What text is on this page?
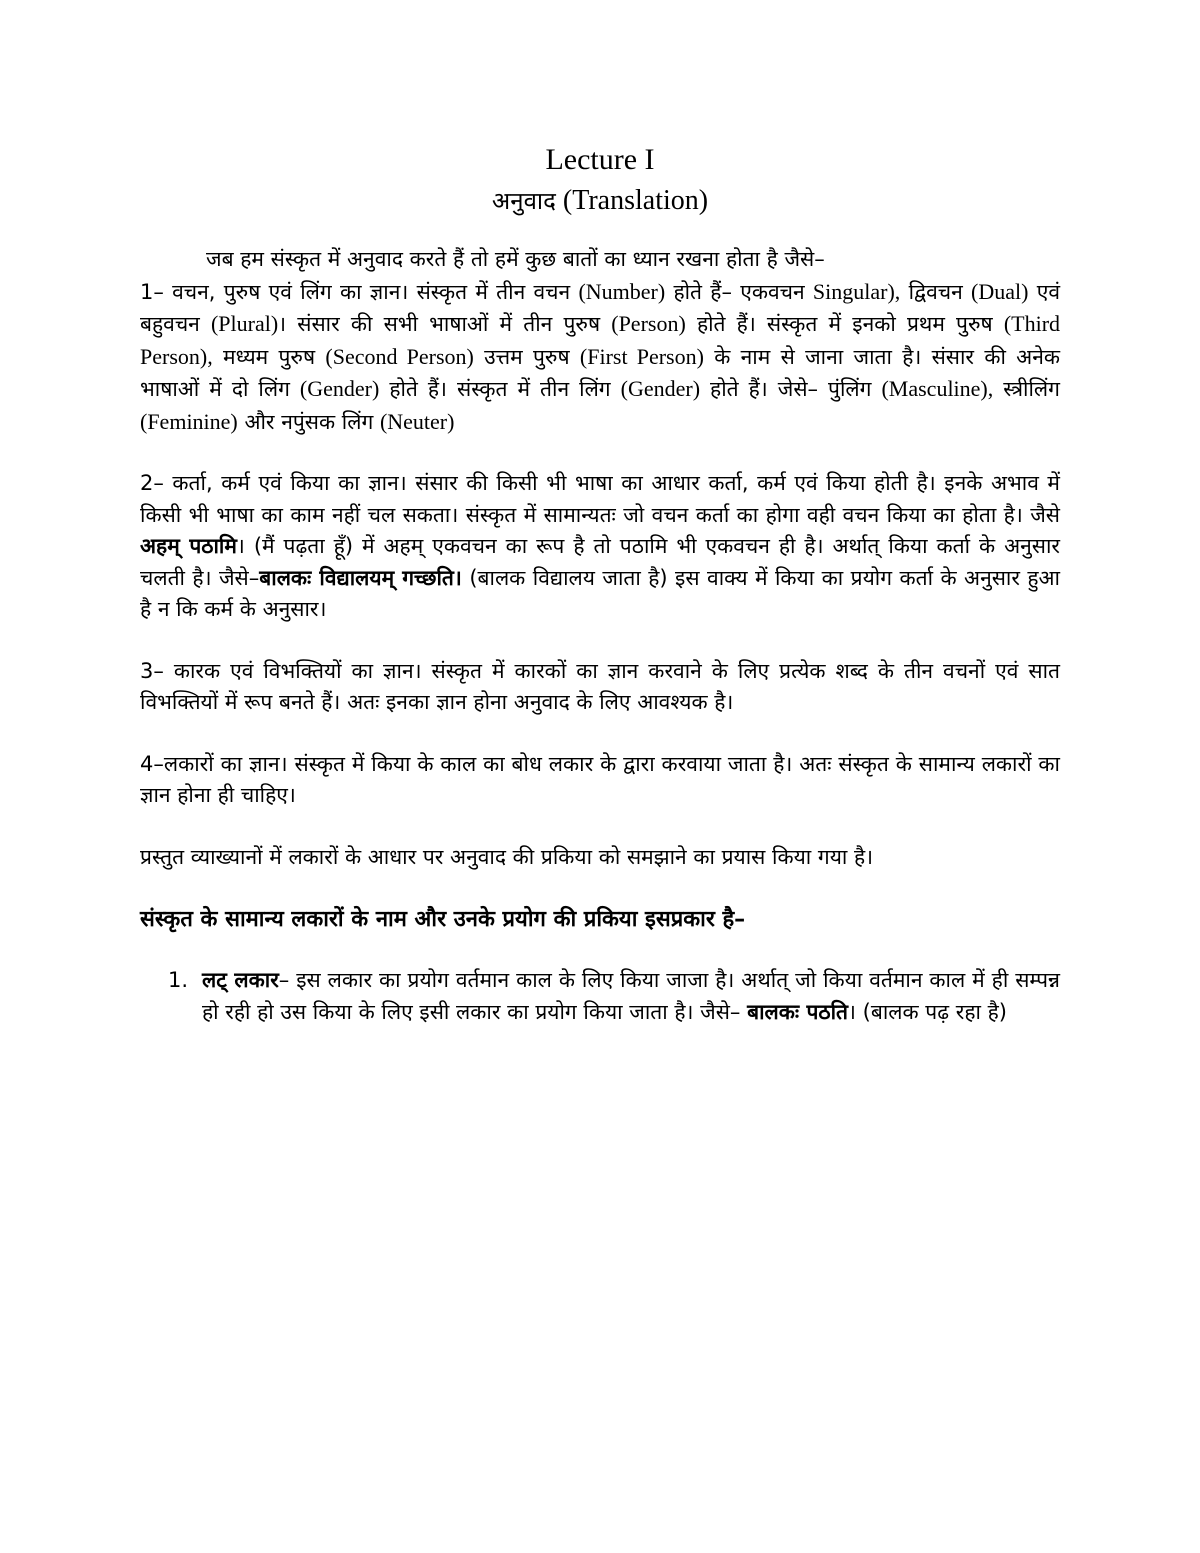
Lecture I

अनुवाद (Translation)

जब हम संस्कृत में अनुवाद करते हैं तो हमें कुछ बातों का ध्यान रखना होता है जैसे–

1– वचन, पुरुष एवं लिंग का ज्ञान। संस्कृत में तीन वचन (Number) होते हैं– एकवचन Singular), द्विवचन (Dual) एवं बहुवचन (Plural)। संसार की सभी भाषाओं में तीन पुरुष (Person) होते हैं। संस्कृत में इनको प्रथम पुरुष (Third Person), मध्यम पुरुष (Second Person) उत्तम पुरुष (First Person) के नाम से जाना जाता है। संसार की अनेक भाषाओं में दो लिंग (Gender) होते हैं। संस्कृत में तीन लिंग (Gender) होते हैं। जेसे– पुंलिंग (Masculine), स्त्रीलिंग (Feminine) और नपुंसक लिंग (Neuter)

2– कर्ता, कर्म एवं किया का ज्ञान। संसार की किसी भी भाषा का आधार कर्ता, कर्म एवं किया होती है। इनके अभाव में किसी भी भाषा का काम नहीं चल सकता। संस्कृत में सामान्यतः जो वचन कर्ता का होगा वही वचन किया का होता है। जैसे अहम् पठामि। (मैं पढ़ता हूँ) में अहम् एकवचन का रूप है तो पठामि भी एकवचन ही है। अर्थात् किया कर्ता के अनुसार चलती है। जैसे–बालकः विद्यालयम् गच्छति। (बालक विद्यालय जाता है) इस वाक्य में किया का प्रयोग कर्ता के अनुसार हुआ है न कि कर्म के अनुसार।

3– कारक एवं विभक्तियों का ज्ञान। संस्कृत में कारकों का ज्ञान करवाने के लिए प्रत्येक शब्द के तीन वचनों एवं सात विभक्तियों में रूप बनते हैं। अतः इनका ज्ञान होना अनुवाद के लिए आवश्यक है।

4–लकारों का ज्ञान। संस्कृत में किया के काल का बोध लकार के द्वारा करवाया जाता है। अतः संस्कृत के सामान्य लकारों का ज्ञान होना ही चाहिए।

प्रस्तुत व्याख्यानों में लकारों के आधार पर अनुवाद की प्रकिया को समझाने का प्रयास किया गया है।

संस्कृत के सामान्य लकारों के नाम और उनके प्रयोग की प्रकिया इसप्रकार है–

1. लट् लकार– इस लकार का प्रयोग वर्तमान काल के लिए किया जाजा है। अर्थात् जो किया वर्तमान काल में ही सम्पन्न हो रही हो उस किया के लिए इसी लकार का प्रयोग किया जाता है। जैसे– बालकः पठति। (बालक पढ़ रहा है)
